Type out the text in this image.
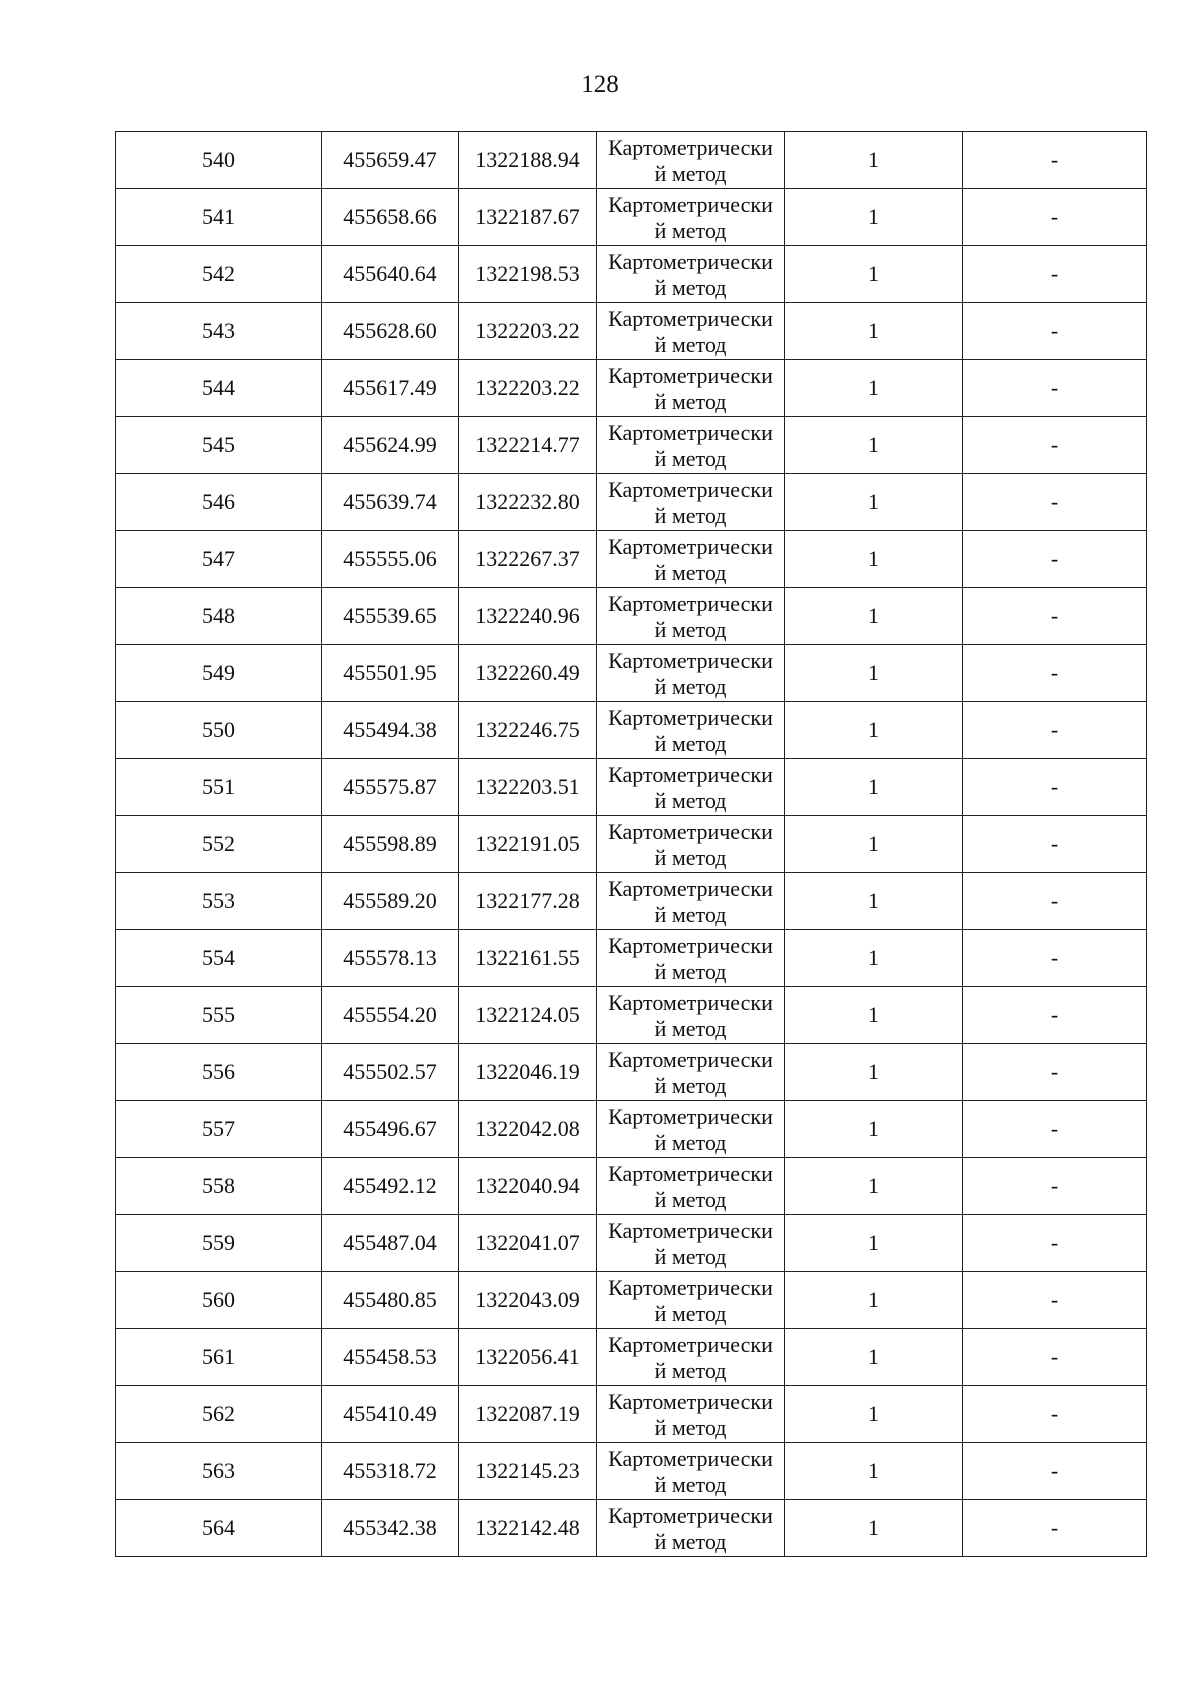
128
540	455659.47	1322188.94	Картометрически
й метод	1	-
541	455658.66	1322187.67	Картометрически
й метод	1	-
542	455640.64	1322198.53	Картометрически
й метод	1	-
543	455628.60	1322203.22	Картометрически
й метод	1	-
544	455617.49	1322203.22	Картометрически
й метод	1	-
545	455624.99	1322214.77	Картометрически
й метод	1	-
546	455639.74	1322232.80	Картометрически
й метод	1	-
547	455555.06	1322267.37	Картометрически
й метод	1	-
548	455539.65	1322240.96	Картометрически
й метод	1	-
549	455501.95	1322260.49	Картометрически
й метод	1	-
550	455494.38	1322246.75	Картометрически
й метод	1	-
551	455575.87	1322203.51	Картометрически
й метод	1	-
552	455598.89	1322191.05	Картометрически
й метод	1	-
553	455589.20	1322177.28	Картометрически
й метод	1	-
554	455578.13	1322161.55	Картометрически
й метод	1	-
555	455554.20	1322124.05	Картометрически
й метод	1	-
556	455502.57	1322046.19	Картометрически
й метод	1	-
557	455496.67	1322042.08	Картометрически
й метод	1	-
558	455492.12	1322040.94	Картометрически
й метод	1	-
559	455487.04	1322041.07	Картометрически
й метод	1	-
560	455480.85	1322043.09	Картометрически
й метод	1	-
561	455458.53	1322056.41	Картометрически
й метод	1	-
562	455410.49	1322087.19	Картометрически
й метод	1	-
563	455318.72	1322145.23	Картометрически
й метод	1	-
564	455342.38	1322142.48	Картометрически
й метод	1	-
